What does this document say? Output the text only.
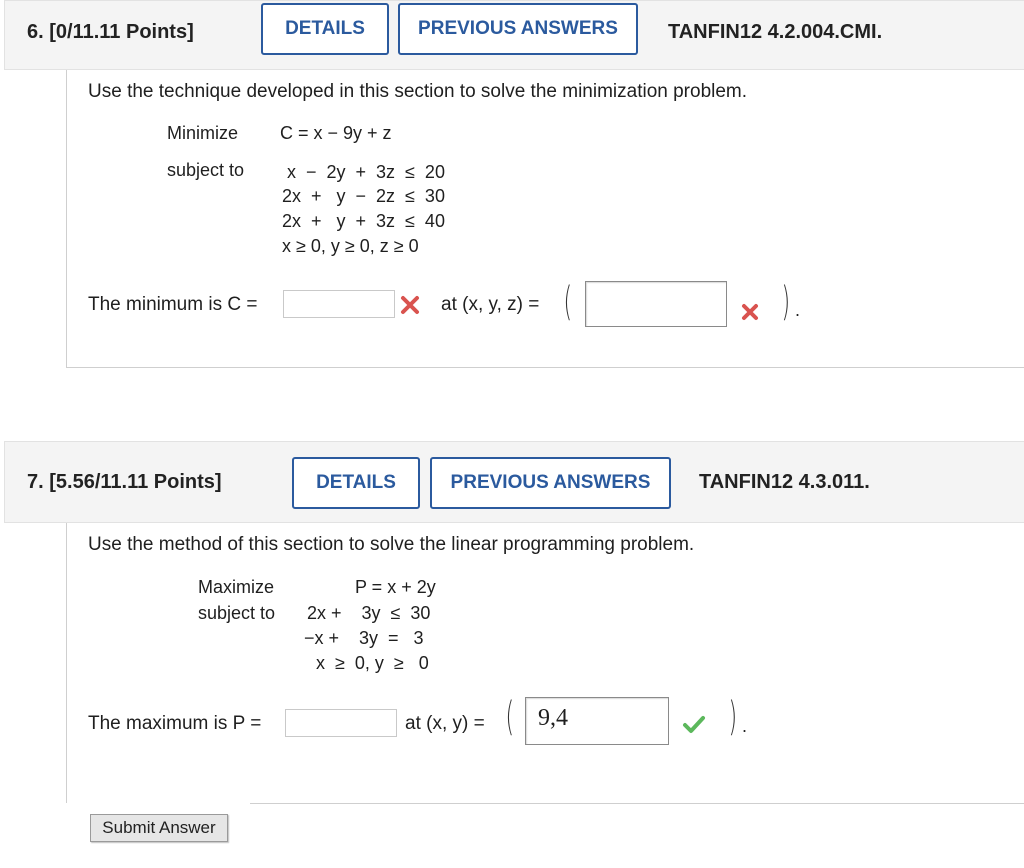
6. [0/11.11 Points]	DETAILS	PREVIOUS ANSWERS	TANFIN12 4.2.004.CMI.
Use the technique developed in this section to solve the minimization problem.
Minimize C = x − 9y + z
subject to x  −  2y  +  3z  ≤  20
2x  +   y  −  2z  ≤  30
2x  +   y  +  3z  ≤  40
x ≥ 0, y ≥ 0, z ≥ 0
The minimum is C =	at (x, y, z) = (	) .
7. [5.56/11.11 Points]	DETAILS	PREVIOUS ANSWERS	TANFIN12 4.3.011.
Use the method of this section to solve the linear programming problem.
Maximize	P = x + 2y
subject to 2x +    3y  ≤  30
−x +    3y  =   3
x  ≥  0, y  ≥   0
The maximum is P =	at (x, y) = ( 9,4	) .
Submit Answer
